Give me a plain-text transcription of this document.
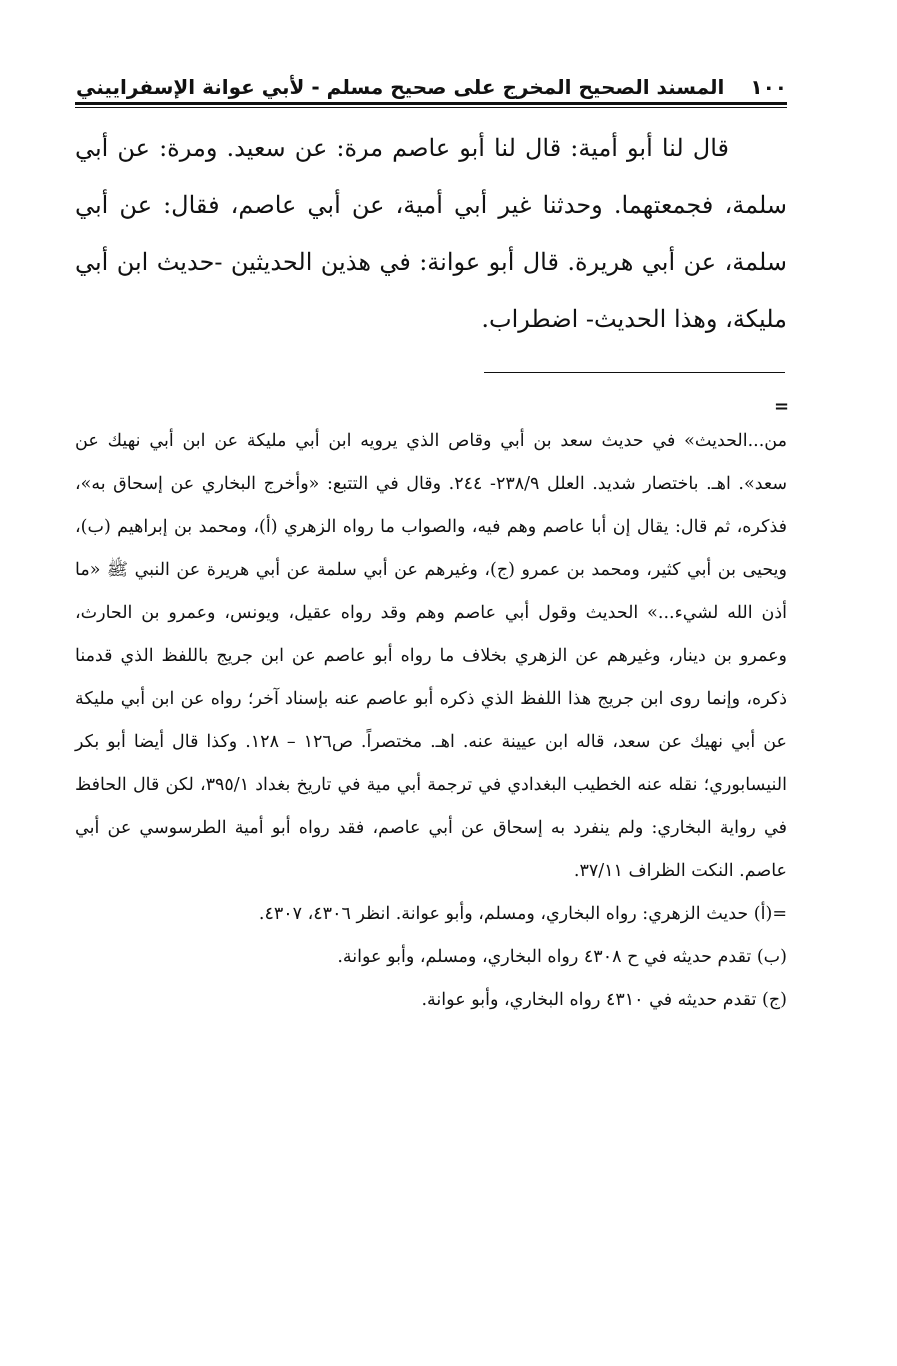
١٠٠
المسند الصحيح المخرج على صحيح مسلم - لأبي عوانة الإسفراييني

قال لنا أبو أمية: قال لنا أبو عاصم مرة: عن سعيد. ومرة: عن أبي سلمة، فجمعتهما. وحدثنا غير أبي أمية، عن أبي عاصم، فقال: عن أبي سلمة، عن أبي هريرة. قال أبو عوانة: في هذين الحديثين -حديث ابن أبي مليكة، وهذا الحديث- اضطراب.

=

من...الحديث» في حديث سعد بن أبي وقاص الذي يرويه ابن أبي مليكة عن ابن أبي نهيك عن سعد». اهـ. باختصار شديد. العلل ٢٣٨/٩- ٢٤٤. وقال في التتبع: «وأخرج البخاري عن إسحاق به»، فذكره، ثم قال: يقال إن أبا عاصم وهم فيه، والصواب ما رواه الزهري (أ)، ومحمد بن إبراهيم (ب)، ويحيى بن أبي كثير، ومحمد بن عمرو (ج)، وغيرهم عن أبي سلمة عن أبي هريرة عن النبي ﷺ «ما أذن الله لشيء...» الحديث وقول أبي عاصم وهم وقد رواه عقيل، ويونس، وعمرو بن الحارث، وعمرو بن دينار، وغيرهم عن الزهري بخلاف ما رواه أبو عاصم عن ابن جريج باللفظ الذي قدمنا ذكره، وإنما روى ابن جريج هذا اللفظ الذي ذكره أبو عاصم عنه بإسناد آخر؛ رواه عن ابن أبي مليكة عن أبي نهيك عن سعد، قاله ابن عيينة عنه. اهـ. مختصراً. ص١٢٦ – ١٢٨. وكذا قال أيضا أبو بكر النيسابوري؛ نقله عنه الخطيب البغدادي في ترجمة أبي مية في تاريخ بغداد ٣٩٥/١، لكن قال الحافظ في رواية البخاري: ولم ينفرد به إسحاق عن أبي عاصم، فقد رواه أبو أمية الطرسوسي عن أبي عاصم. النكت الظراف ٣٧/١١.

=(أ) حديث الزهري: رواه البخاري، ومسلم، وأبو عوانة. انظر ٤٣٠٦، ٤٣٠٧.

(ب) تقدم حديثه في ح ٤٣٠٨ رواه البخاري، ومسلم، وأبو عوانة.

(ج) تقدم حديثه في ٤٣١٠ رواه البخاري، وأبو عوانة.
